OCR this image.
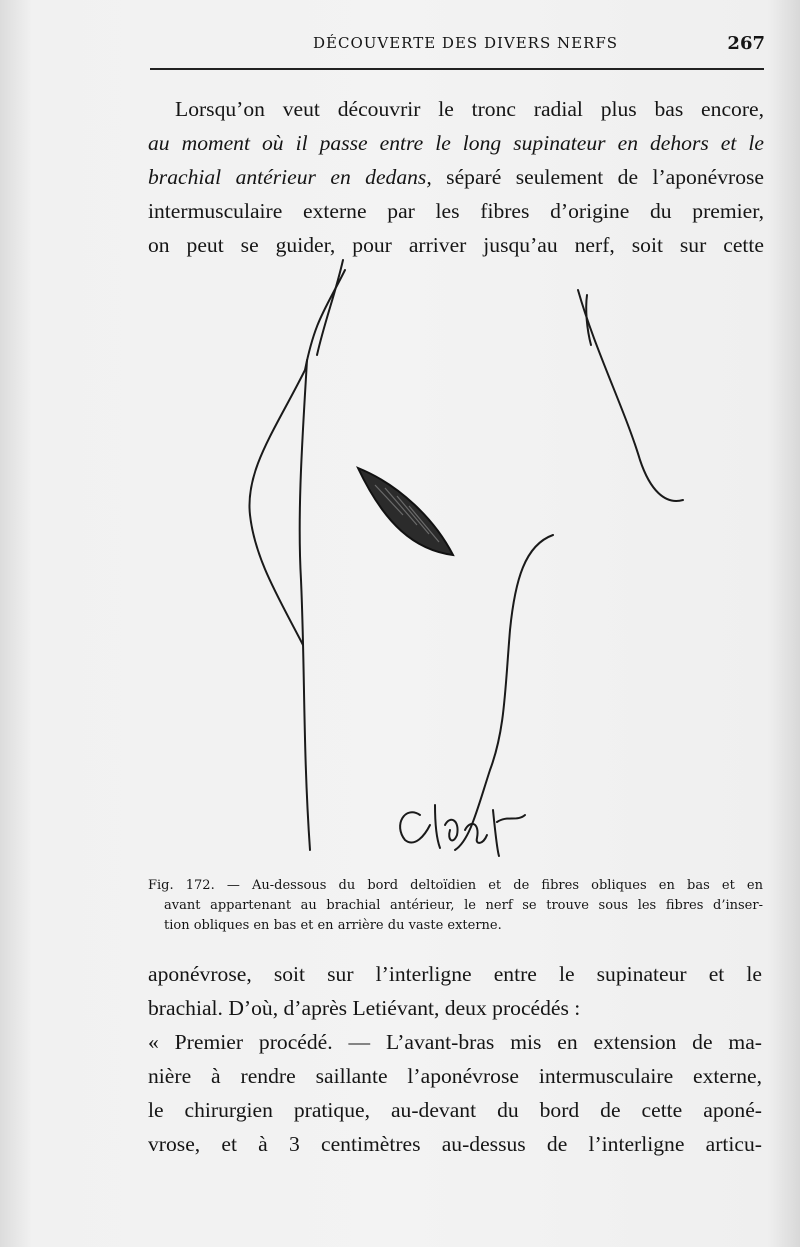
DÉCOUVERTE DES DIVERS NERFS	267
Lorsqu’on veut découvrir le tronc radial plus bas encore,
au moment où il passe entre le long supinateur en dehors et le
brachial antérieur en dedans, séparé seulement de l’aponévrose
intermusculaire externe par les fibres d’origine du premier,
on peut se guider, pour arriver jusqu’au nerf, soit sur cette
Fig. 172. — Au-dessous du bord deltoïdien et de fibres obliques en bas et en
avant appartenant au brachial antérieur, le nerf se trouve sous les fibres d’inser-
tion obliques en bas et en arrière du vaste externe.
aponévrose, soit sur l’interligne entre le supinateur et le
brachial. D’où, d’après Letiévant, deux procédés :
« Premier procédé. — L’avant-bras mis en extension de ma-
nière à rendre saillante l’aponévrose intermusculaire externe,
le chirurgien pratique, au-devant du bord de cette aponé-
vrose, et à 3 centimètres au-dessus de l’interligne articu-
